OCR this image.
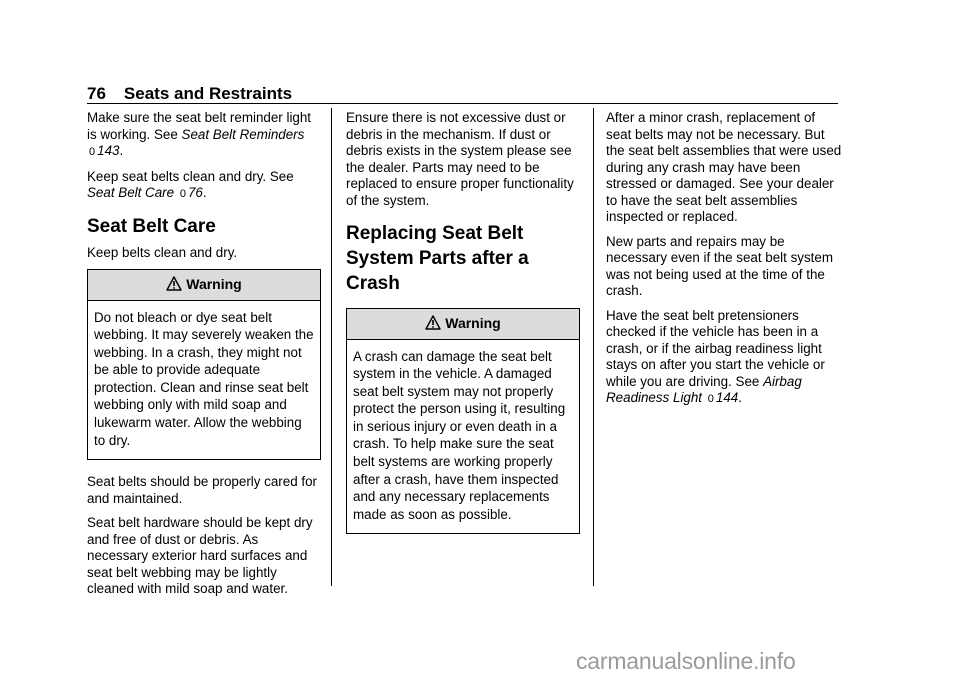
76 Seats and Restraints

Make sure the seat belt reminder light is working. See Seat Belt Reminders 0 143.

Keep seat belts clean and dry. See Seat Belt Care 0 76.

Seat Belt Care

Keep belts clean and dry.

Warning
Do not bleach or dye seat belt webbing. It may severely weaken the webbing. In a crash, they might not be able to provide adequate protection. Clean and rinse seat belt webbing only with mild soap and lukewarm water. Allow the webbing to dry.

Seat belts should be properly cared for and maintained.

Seat belt hardware should be kept dry and free of dust or debris. As necessary exterior hard surfaces and seat belt webbing may be lightly cleaned with mild soap and water.

Ensure there is not excessive dust or debris in the mechanism. If dust or debris exists in the system please see the dealer. Parts may need to be replaced to ensure proper functionality of the system.

Replacing Seat Belt System Parts after a Crash
Warning
A crash can damage the seat belt system in the vehicle. A damaged seat belt system may not properly protect the person using it, resulting in serious injury or even death in a crash. To help make sure the seat belt systems are working properly after a crash, have them inspected and any necessary replacements made as soon as possible.

After a minor crash, replacement of seat belts may not be necessary. But the seat belt assemblies that were used during any crash may have been stressed or damaged. See your dealer to have the seat belt assemblies inspected or replaced.

New parts and repairs may be necessary even if the seat belt system was not being used at the time of the crash.

Have the seat belt pretensioners checked if the vehicle has been in a crash, or if the airbag readiness light stays on after you start the vehicle or while you are driving. See Airbag Readiness Light 0 144.

carmanualsonline.info
